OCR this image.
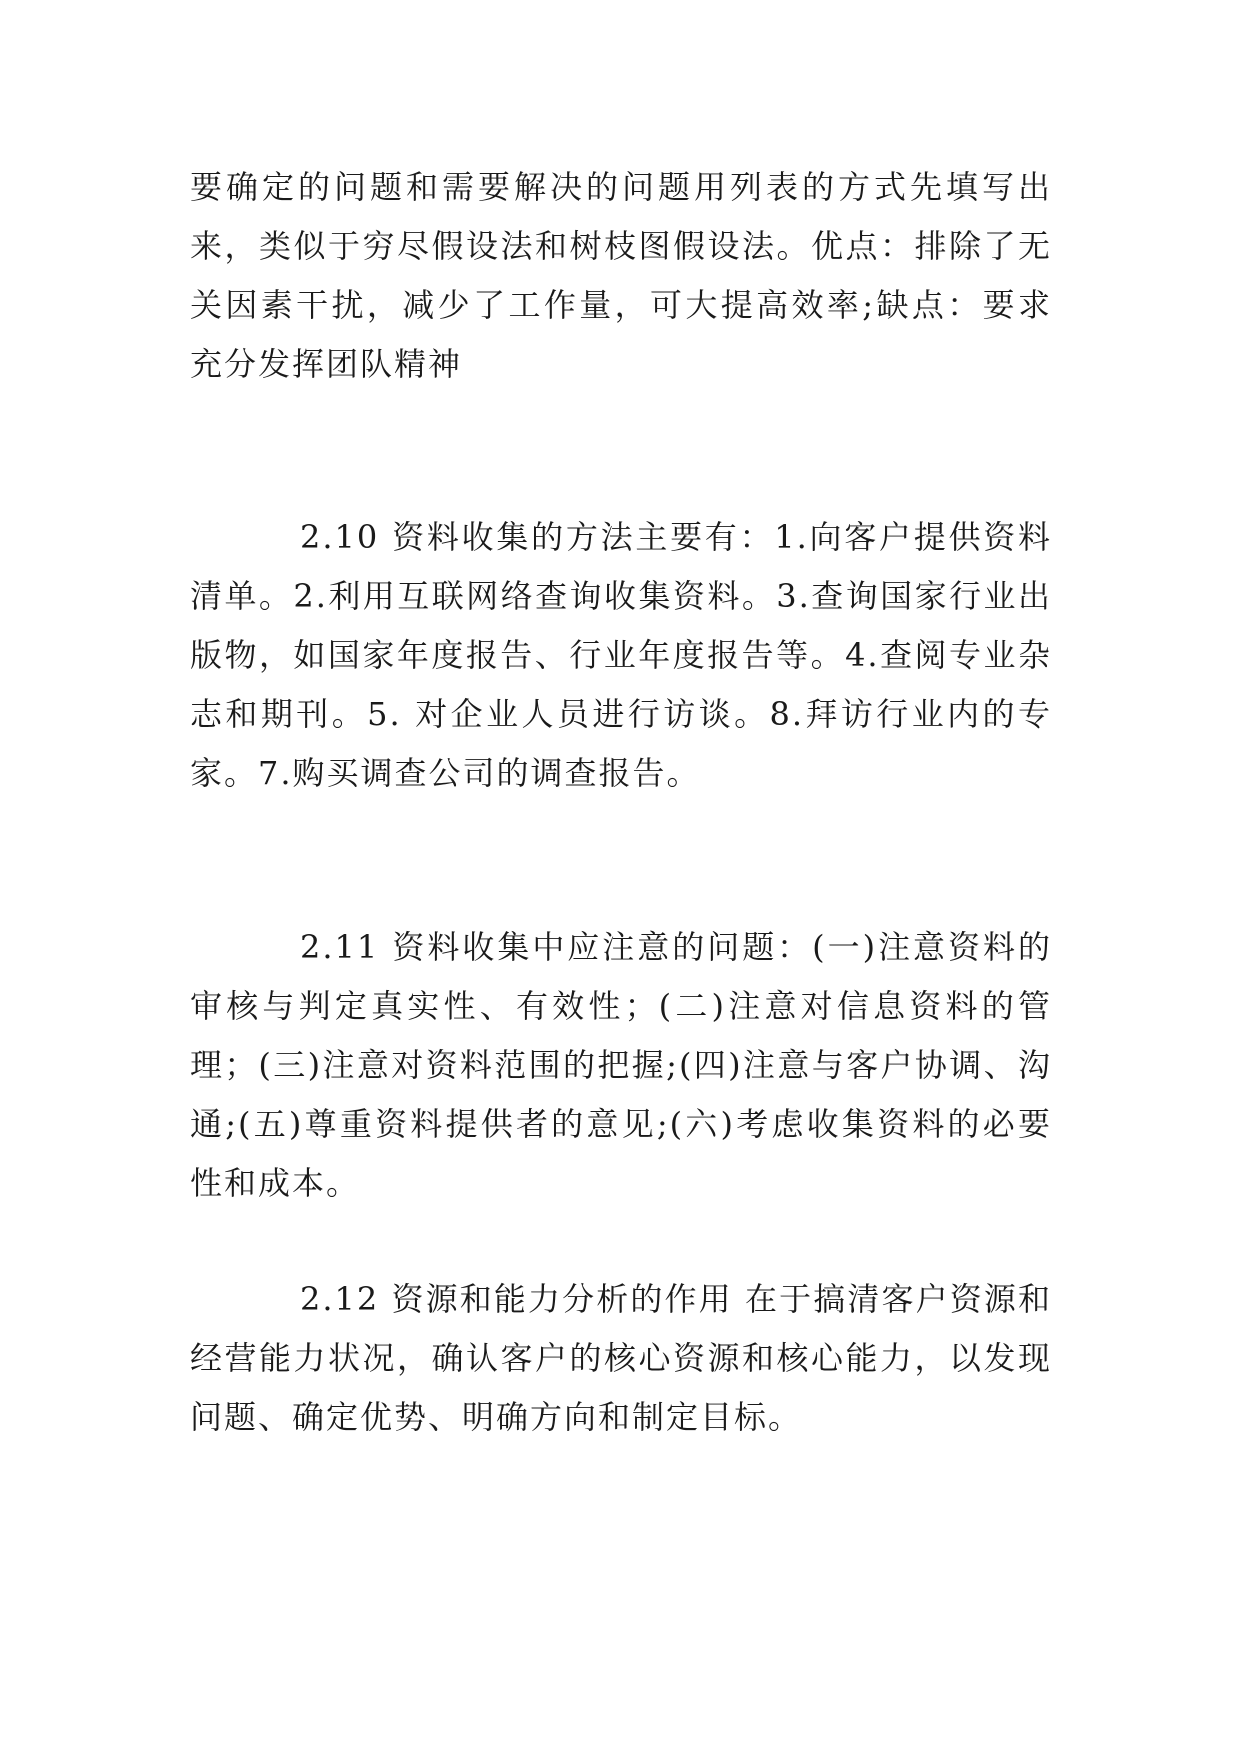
要确定的问题和需要解决的问题用列表的方式先填写出来，类似于穷尽假设法和树枝图假设法。优点：排除了无关因素干扰，减少了工作量，可大提高效率;缺点：要求充分发挥团队精神

2.10 资料收集的方法主要有：1.向客户提供资料清单。2.利用互联网络查询收集资料。3.查询国家行业出版物，如国家年度报告、行业年度报告等。4.查阅专业杂志和期刊。5. 对企业人员进行访谈。8.拜访行业内的专家。7.购买调查公司的调查报告。

2.11 资料收集中应注意的问题：(一)注意资料的审核与判定真实性、有效性；(二)注意对信息资料的管理；(三)注意对资料范围的把握;(四)注意与客户协调、沟通;(五)尊重资料提供者的意见;(六)考虑收集资料的必要性和成本。

2.12 资源和能力分析的作用 在于搞清客户资源和经营能力状况，确认客户的核心资源和核心能力，以发现问题、确定优势、明确方向和制定目标。
